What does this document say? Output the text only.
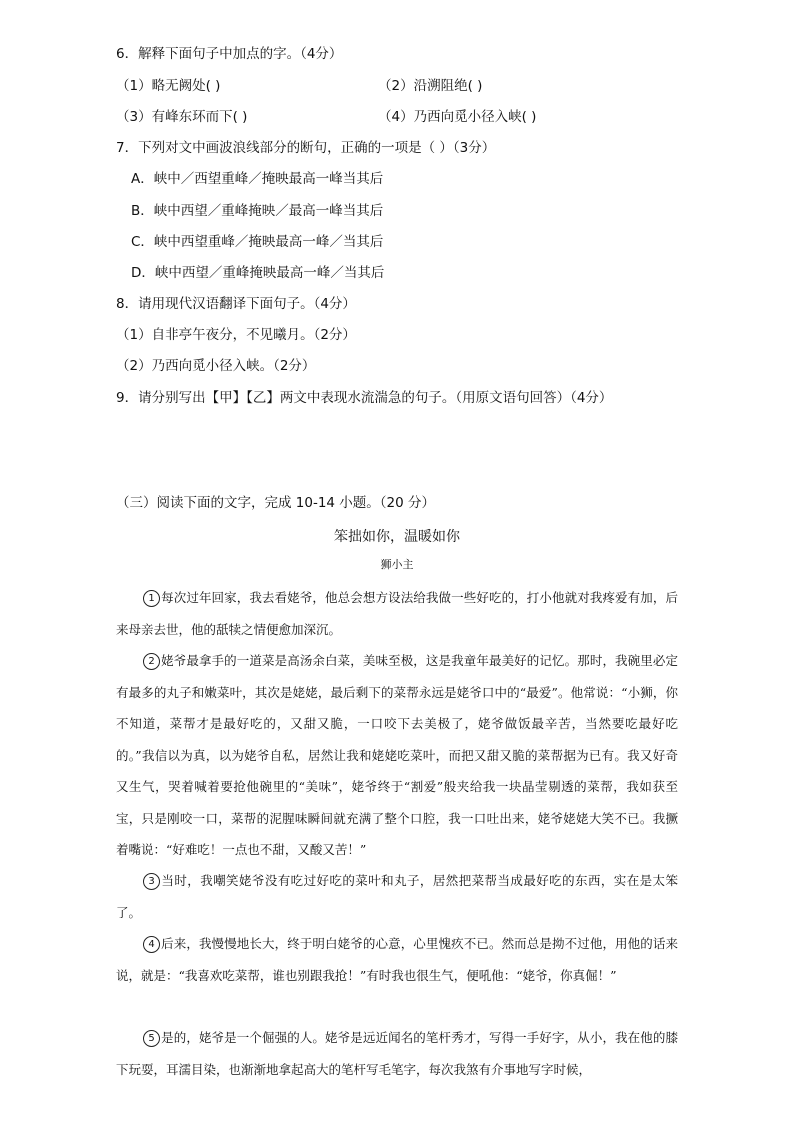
6．解释下面句子中加点的字。（4分）
（1）略无阙处( )	（2）沿溯阻绝( )
（3）有峰东环而下( )	（4）乃西向觅小径入峡( )
7．下列对文中画波浪线部分的断句，正确的一项是（ ）（3分）
A．峡中／西望重峰／掩映最高一峰当其后
B．峡中西望／重峰掩映／最高一峰当其后
C．峡中西望重峰／掩映最高一峰／当其后
D．峡中西望／重峰掩映最高一峰／当其后
8．请用现代汉语翻译下面句子。（4分）
（1）自非亭午夜分，不见曦月。（2分）
（2）乃西向觅小径入峡。（2分）
9．请分别写出【甲】【乙】两文中表现水流湍急的句子。（用原文语句回答）（4分）
（三）阅读下面的文字，完成 10-14 小题。（20 分）
笨拙如你，温暖如你
狮小主
1 每次过年回家，我去看姥爷，他总会想方设法给我做一些好吃的，打小他就对我疼爱有加，后来母亲去世，他的舐犊之情便愈加深沉。
2 姥爷最拿手的一道菜是高汤余白菜，美味至极，这是我童年最美好的记忆。那时，我碗里必定有最多的丸子和嫩菜叶，其次是姥姥，最后剩下的菜帮永远是姥爷口中的“最爱”。他常说：“小狮，你不知道，菜帮才是最好吃的，又甜又脆，一口咬下去美极了，姥爷做饭最辛苦，当然要吃最好吃的。”我信以为真，以为姥爷自私，居然让我和姥姥吃菜叶，而把又甜又脆的菜帮据为已有。我又好奇又生气，哭着喊着要抢他碗里的“美味”，姥爷终于“割爱”般夹给我一块晶莹剔透的菜帮，我如获至宝，只是刚咬一口，菜帮的泥腥味瞬间就充满了整个口腔，我一口吐出来，姥爷姥姥大笑不已。我撅着嘴说：“好难吃！一点也不甜，又酸又苦！”
3 当时，我嘲笑姥爷没有吃过好吃的菜叶和丸子，居然把菜帮当成最好吃的东西，实在是太笨了。
4 后来，我慢慢地长大，终于明白姥爷的心意，心里愧疚不已。然而总是拗不过他，用他的话来说，就是：“我喜欢吃菜帮，谁也别跟我抢！”有时我也很生气，便吼他：“姥爷，你真倔！”
5 是的，姥爷是一个倔强的人。姥爷是远近闻名的笔杆秀才，写得一手好字，从小，我在他的膝下玩耍，耳濡目染，也渐渐地拿起高大的笔杆写毛笔字，每次我煞有介事地写字时候，
